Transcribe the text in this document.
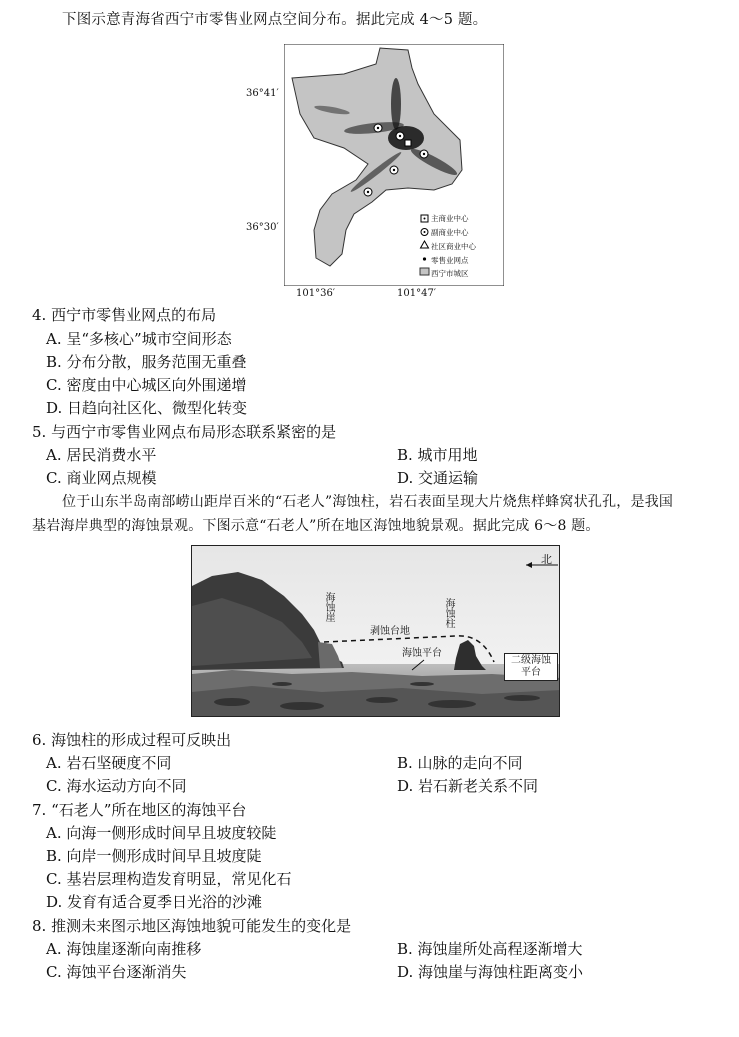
下图示意青海省西宁市零售业网点空间分布。据此完成 4～5 题。
36°41′
36°30′
101°36′	101°47′
主商业中心
副商业中心
社区商业中心
零售业网点
西宁市城区
4. 西宁市零售业网点的布局
A. 呈“多核心”城市空间形态
B. 分布分散，服务范围无重叠
C. 密度由中心城区向外围递增
D. 日趋向社区化、微型化转变
5. 与西宁市零售业网点布局形态联系紧密的是
A. 居民消费水平	B. 城市用地
C. 商业网点规模	D. 交通运输
位于山东半岛南部崂山距岸百米的“石老人”海蚀柱，岩石表面呈现大片烧焦样蜂窝状孔孔，是我国
基岩海岸典型的海蚀景观。下图示意“石老人”所在地区海蚀地貌景观。据此完成 6～8 题。
北
海蚀崖	海蚀柱
剥蚀台地
海蚀平台
二级海蚀
平台
6. 海蚀柱的形成过程可反映出
A. 岩石坚硬度不同	B. 山脉的走向不同
C. 海水运动方向不同	D. 岩石新老关系不同
7. “石老人”所在地区的海蚀平台
A. 向海一侧形成时间早且坡度较陡
B. 向岸一侧形成时间早且坡度陡
C. 基岩层理构造发育明显，常见化石
D. 发育有适合夏季日光浴的沙滩
8. 推测未来图示地区海蚀地貌可能发生的变化是
A. 海蚀崖逐渐向南推移	B. 海蚀崖所处高程逐渐增大
C. 海蚀平台逐渐消失	D. 海蚀崖与海蚀柱距离变小
